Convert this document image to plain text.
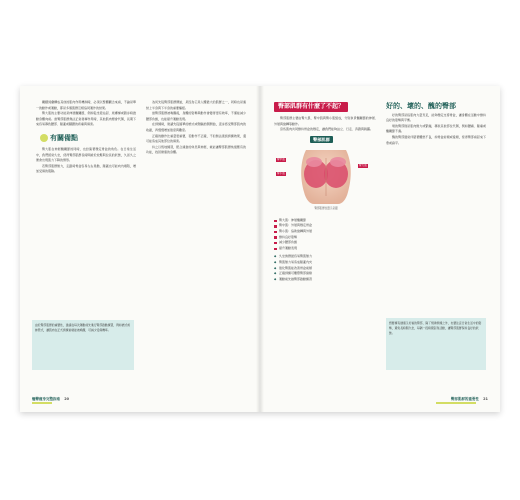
關鍵詞彙構成其他的肌肉作用機制時，必須以整體觀念來看，不論是單一的動作或運動，都是多個肌群互相協同運作的結果。

臀大肌的主要功能是伸展髖關節，例如從坐姿站起、爬樓梯或跑步時推動身體向前。當臀部肌群無法正常發揮作用時，其他肌肉便會代償，長期下來容易導致腰部、膝蓋或腳踝的疼痛與傷害。

有關備點

臀大肌在伸展髖關節的同時，也扮演著穩定骨盆的角色。在日常生活中，我們經常久坐，使得臀部肌群長時間處於放鬆與拉長的狀態，久而久之便會出現肌力下降的情形。

若臀部肌群無力，走路時骨盆容易左右晃動，膝蓋也可能向內塌陷，增加受傷的風險。

為何先從臀部肌群開始，是因為它是人體最大的肌群之一，同時也是連結上半身與下半身的重要樞紐。

當臀部肌群被喚醒後，身體的姿勢與動作會變得更有效率，不僅能減少腰部負擔，也能提升運動表現。

在訓練時，建議先從簡單的橋式或側躺抬腿開始，逐步感受臀部肌肉的收縮，再慢慢增加強度與難度。

正確的動作比重量更重要，若動作不正確，不但無法達到訓練效果，還可能造成其他部位的傷害。

持之以恆地練習，配合適當的休息與伸展，就能讓臀部肌群恢復應有的功能，找回健康的身體。

由於臀部肌群的重要性，建議在每次運動前先進行臀部啟動練習，例如橋式或蚌殼式，讓肌肉在正式訓練前就能被喚醒，可減少受傷機率。
翹臀瘦身完整指南 20
臀部肌群有什麼了不起？

臀部肌群主要由臀大肌、臀中肌與臀小肌組成，分別負責髖關節的伸展、外展與旋轉等動作。

這些肌肉共同維持骨盆的穩定，讓我們能夠站立、行走、奔跑與跳躍。

臀部肌群
臀中肌
臀小肌
臀大肌
臀部肌群位置示意圖
臀大肌：伸展髖關節
臀中肌：外展與穩定骨盆
臀小肌：協助旋轉與外展
維持良好姿勢
減少腰部負擔
提升運動表現
◆ 久坐族群最容易臀肌無力
◆ 臀肌無力易造成膝蓋內夾
◆ 強化臀肌能改善骨盆前傾
◆ 正確訓練可雕塑臀部線條
◆ 運動前先做臀部啟動練習
好的、壞的、醜的臀部

好的臀部是指肌肉力量充足，能夠穩定支撐骨盆，讓身體在活動中維持良好的姿勢與平衡。

壞的臀部則是肌肉無力或緊繃，導致其他部位代償，例如腰痛、膝痛或髖關節不適。

醜的臀部通常伴隨著體態不良，如骨盆前傾或後傾，使得臀部看起來下垂或扁平。

想要擁有健康又好看的臀部，除了規律訓練之外，也要注意日常生活中的姿勢，避免長時間久坐，每隔一段時間起身活動，讓臀部肌群保持良好的狀態。
臀部肌群的重要性 21
